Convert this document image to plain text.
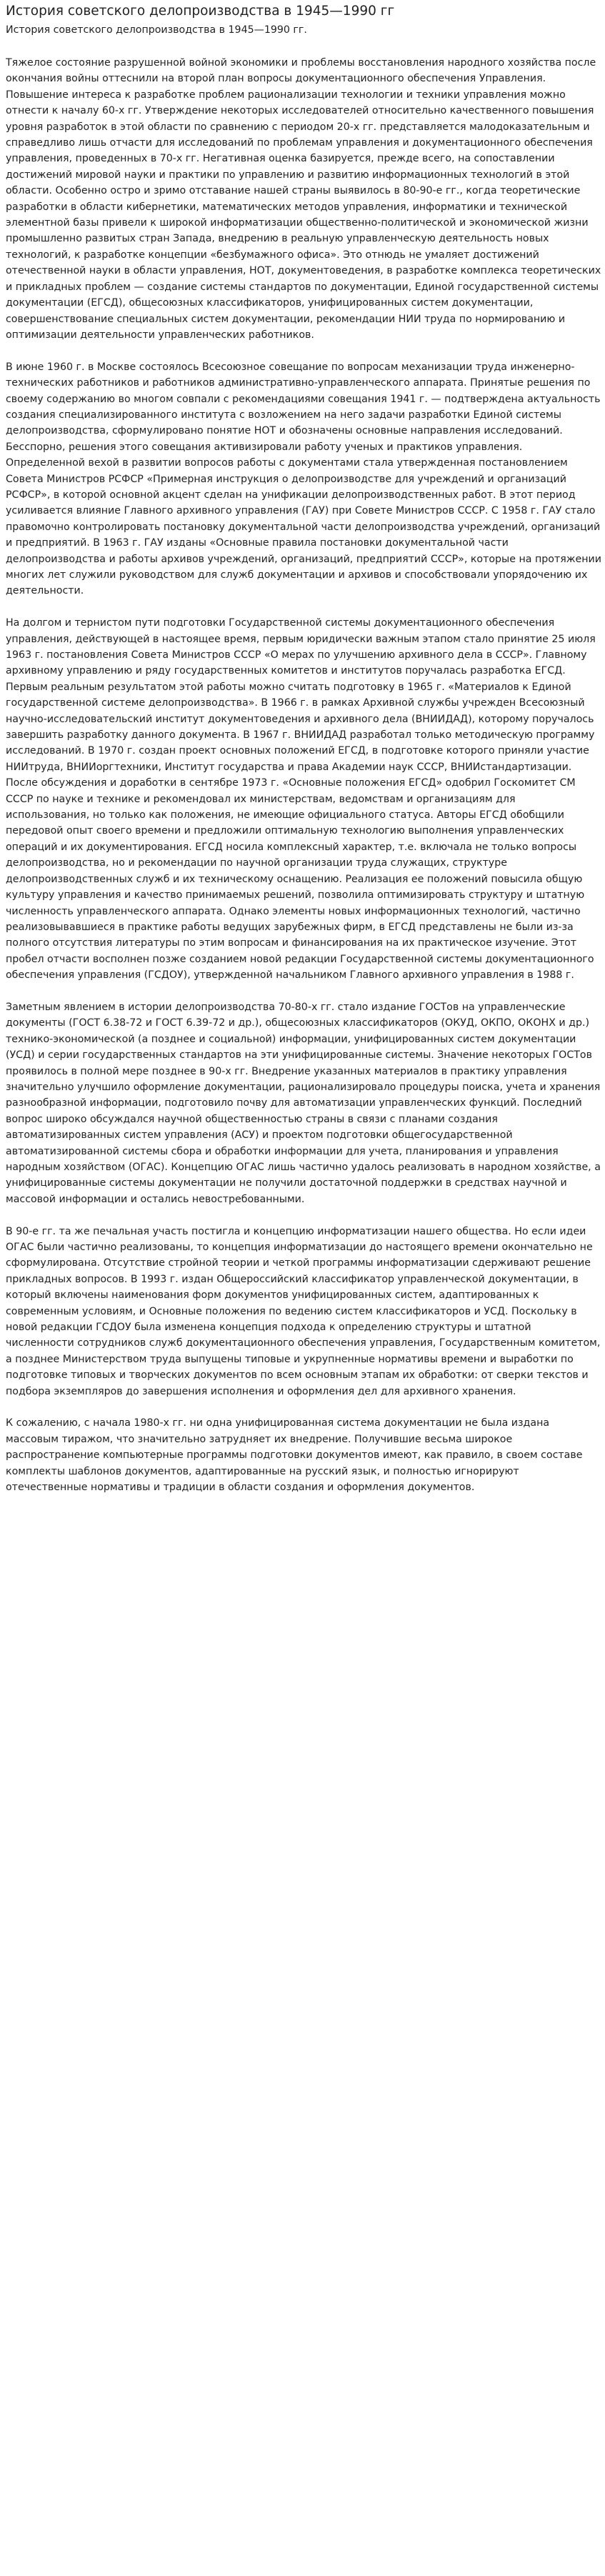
История советского делопроизводства в 1945—1990 гг
История советского делопроизводства в 1945—1990 гг.

Тяжелое состояние разрушенной войной экономики и проблемы восстановления народного хозяйства после окончания войны оттеснили на второй план вопросы документационного обеспечения Управления. Повышение интереса к разработке проблем рационализации технологии и техники управления можно отнести к началу 60-х гг. Утверждение некоторых исследователей относительно качественного повышения уровня разработок в этой области по сравнению с периодом 20-х гг. представляется малодоказательным и справедливо лишь отчасти для исследований по проблемам управления и документационного обеспечения управления, проведенных в 70-х гг. Негативная оценка базируется, прежде всего, на сопоставлении достижений мировой науки и практики по управлению и развитию информационных технологий в этой области. Особенно остро и зримо отставание нашей страны выявилось в 80-90-е гг., когда теоретические разработки в области кибернетики, математических методов управления, информатики и технической элементной базы привели к широкой информатизации общественно-политической и экономической жизни промышленно развитых стран Запада, внедрению в реальную управленческую деятельность новых технологий, к разработке концепции «безбумажного офиса». Это отнюдь не умаляет достижений отечественной науки в области управления, НОТ, документоведения, в разработке комплекса теоретических и прикладных проблем — создание системы стандартов по документации, Единой государственной системы документации (ЕГСД), общесоюзных классификаторов, унифицированных систем документации, совершенствование специальных систем документации, рекомендации НИИ труда по нормированию и оптимизации деятельности управленческих работников.

В июне 1960 г. в Москве состоялось Всесоюзное совещание по вопросам механизации труда инженерно-технических работников и работников административно-управленческого аппарата. Принятые решения по своему содержанию во многом совпали с рекомендациями совещания 1941 г. — подтверждена актуальность создания специализированного института с возложением на него задачи разработки Единой системы делопроизводства, сформулировано понятие НОТ и обозначены основные направления исследований. Бесспорно, решения этого совещания активизировали работу ученых и практиков управления. Определенной вехой в развитии вопросов работы с документами стала утвержденная постановлением Совета Министров РСФСР «Примерная инструкция о делопроизводстве для учреждений и организаций РСФСР», в которой основной акцент сделан на унификации делопроизводственных работ. В этот период усиливается влияние Главного архивного управления (ГАУ) при Совете Министров СССР. С 1958 г. ГАУ стало правомочно контролировать постановку документальной части делопроизводства учреждений, организаций и предприятий. В 1963 г. ГАУ изданы «Основные правила постановки документальной части делопроизводства и работы архивов учреждений, организаций, предприятий СССР», которые на протяжении многих лет служили руководством для служб документации и архивов и способствовали упорядочению их деятельности.

На долгом и тернистом пути подготовки Государственной системы документационного обеспечения управления, действующей в настоящее время, первым юридически важным этапом стало принятие 25 июля 1963 г. постановления Совета Министров СССР «О мерах по улучшению архивного дела в СССР». Главному архивному управлению и ряду государственных комитетов и институтов поручалась разработка ЕГСД. Первым реальным результатом этой работы можно считать подготовку в 1965 г. «Материалов к Единой государственной системе делопроизводства». В 1966 г. в рамках Архивной службы учрежден Всесоюзный научно-исследовательский институт документоведения и архивного дела (ВНИИДАД), которому поручалось завершить разработку данного документа. В 1967 г. ВНИИДАД разработал только методическую программу исследований. В 1970 г. создан проект основных положений ЕГСД, в подготовке которого приняли участие НИИтруда, ВНИИоргтехники, Институт государства и права Академии наук СССР, ВНИИстандартизации. После обсуждения и доработки в сентябре 1973 г. «Основные положения ЕГСД» одобрил Госкомитет СМ СССР по науке и технике и рекомендовал их министерствам, ведомствам и организациям для использования, но только как положения, не имеющие официального статуса. Авторы ЕГСД обобщили передовой опыт своего времени и предложили оптимальную технологию выполнения управленческих операций и их документирования. ЕГСД носила комплексный характер, т.е. включала не только вопросы делопроизводства, но и рекомендации по научной организации труда служащих, структуре делопроизводственных служб и их техническому оснащению. Реализация ее положений повысила общую культуру управления и качество принимаемых решений, позволила оптимизировать структуру и штатную численность управленческого аппарата. Однако элементы новых информационных технологий, частично реализовывавшиеся в практике работы ведущих зарубежных фирм, в ЕГСД представлены не были из-за полного отсутствия литературы по этим вопросам и финансирования на их практическое изучение. Этот пробел отчасти восполнен позже созданием новой редакции Государственной системы документационного обеспечения управления (ГСДОУ), утвержденной начальником Главного архивного управления в 1988 г.

Заметным явлением в истории делопроизводства 70-80-х гг. стало издание ГОСТов на управленческие документы (ГОСТ 6.38-72 и ГОСТ 6.39-72 и др.), общесоюзных классификаторов (ОКУД, ОКПО, ОКОНХ и др.) технико-экономической (а позднее и социальной) информации, унифицированных систем документации (УСД) и серии государственных стандартов на эти унифицированные системы. Значение некоторых ГОСТов проявилось в полной мере позднее в 90-х гг. Внедрение указанных материалов в практику управления значительно улучшило оформление документации, рационализировало процедуры поиска, учета и хранения разнообразной информации, подготовило почву для автоматизации управленческих функций. Последний вопрос широко обсуждался научной общественностью страны в связи с планами создания автоматизированных систем управления (АСУ) и проектом подготовки общегосударственной автоматизированной системы сбора и обработки информации для учета, планирования и управления народным хозяйством (ОГАС). Концепцию ОГАС лишь частично удалось реализовать в народном хозяйстве, а унифицированные системы документации не получили достаточной поддержки в средствах научной и массовой информации и остались невостребованными.

В 90-е гг. та же печальная участь постигла и концепцию информатизации нашего общества. Но если идеи ОГАС были частично реализованы, то концепция информатизации до настоящего времени окончательно не сформулирована. Отсутствие стройной теории и четкой программы информатизации сдерживают решение прикладных вопросов. В 1993 г. издан Общероссийский классификатор управленческой документации, в который включены наименования форм документов унифицированных систем, адаптированных к современным условиям, и Основные положения по ведению систем классификаторов и УСД. Поскольку в новой редакции ГСДОУ была изменена концепция подхода к определению структуры и штатной численности сотрудников служб документационного обеспечения управления, Государственным комитетом, а позднее Министерством труда выпущены типовые и укрупненные нормативы времени и выработки по подготовке типовых и творческих документов по всем основным этапам их обработки: от сверки текстов и подбора экземпляров до завершения исполнения и оформления дел для архивного хранения.

К сожалению, с начала 1980-х гг. ни одна унифицированная система документации не была издана массовым тиражом, что значительно затрудняет их внедрение. Получившие весьма широкое распространение компьютерные программы подготовки документов имеют, как правило, в своем составе комплекты шаблонов документов, адаптированные на русский язык, и полностью игнорируют отечественные нормативы и традиции в области создания и оформления документов.
